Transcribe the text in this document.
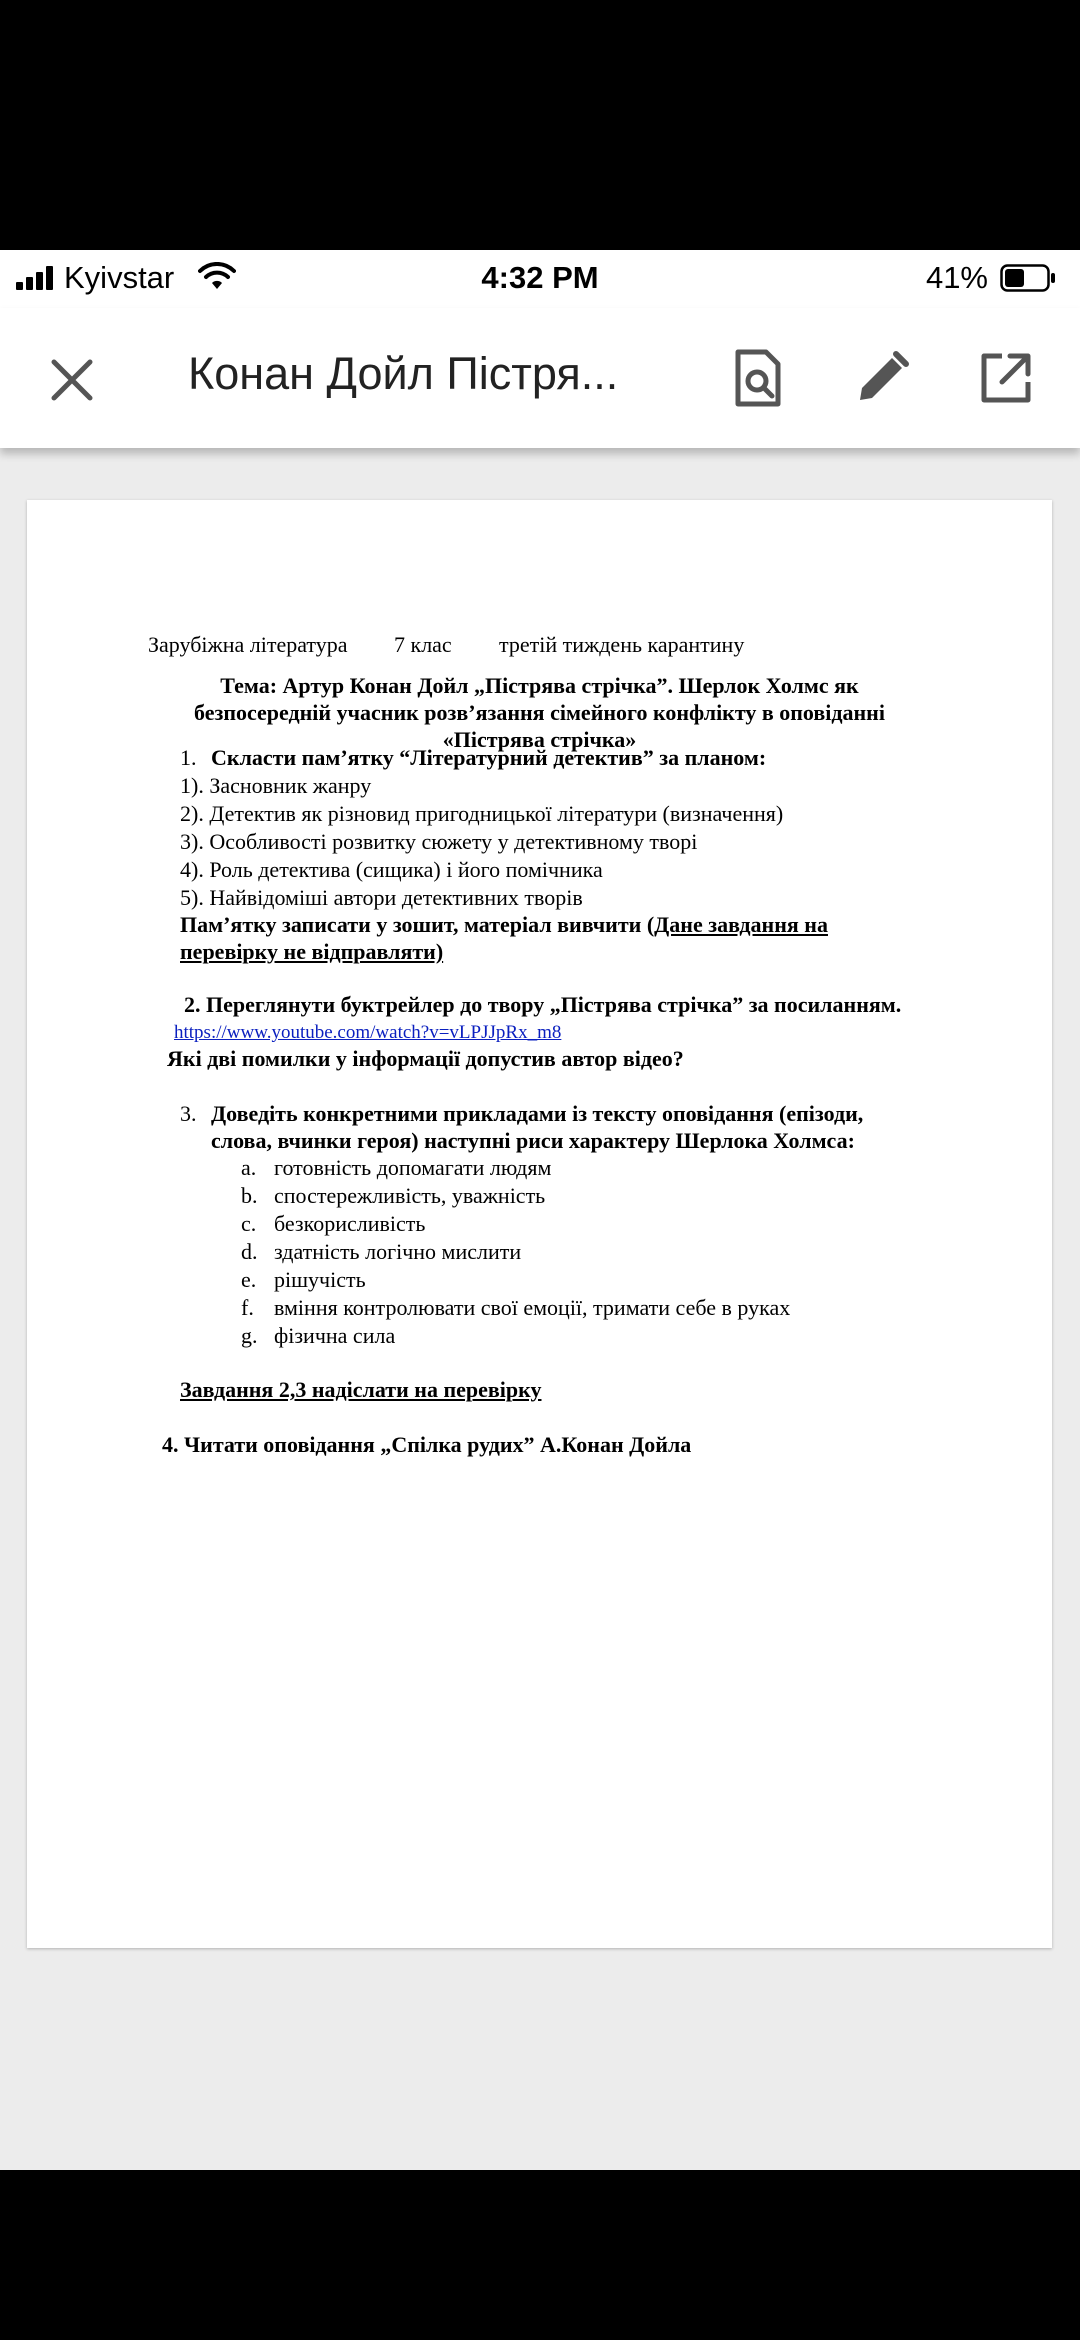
Kyivstar	4:32 PM	41%
Конан Дойл Пістря...
Зарубіжна література 7 клас третій тиждень карантину
Тема: Артур Конан Дойл „Пістрява стрічка”. Шерлок Холмс як
безпосередній учасник розв’язання сімейного конфлікту в оповіданні
«Пістрява стрічка»
1. Скласти пам’ятку “Літературний детектив” за планом:
1). Засновник жанру
2). Детектив як різновид пригодницької літератури (визначення)
3). Особливості розвитку сюжету у детективному творі
4). Роль детектива (сищика) і його помічника
5). Найвідоміші автори детективних творів
Пам’ятку записати у зошит, матеріал вивчити (Дане завдання на
перевірку не відправляти)
2. Переглянути буктрейлер до твору „Пістрява стрічка” за посиланням.
https://www.youtube.com/watch?v=vLPJJpRx_m8
Які дві помилки у інформації допустив автор відео?
3. Доведіть конкретними прикладами із тексту оповідання (епізоди,
слова, вчинки героя) наступні риси характеру Шерлока Холмса:
a. готовність допомагати людям
b. спостережливість, уважність
c. безкорисливість
d. здатність логічно мислити
e. рішучість
f. вміння контролювати свої емоції, тримати себе в руках
g. фізична сила
Завдання 2,3 надіслати на перевірку
4. Читати оповідання „Спілка рудих” А.Конан Дойла
